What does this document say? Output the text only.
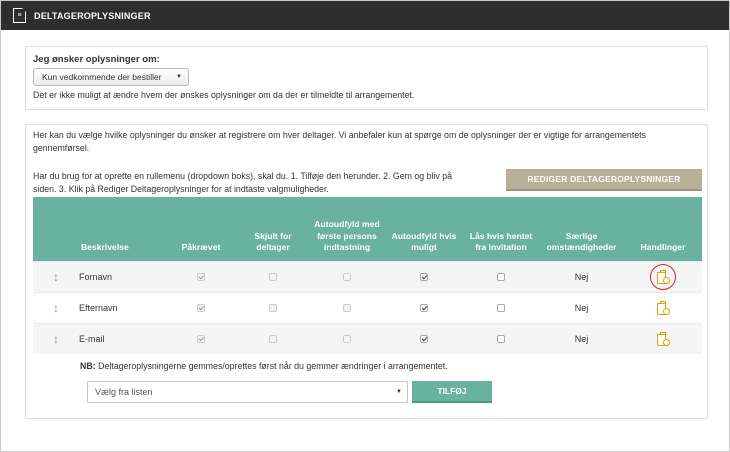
≡	DELTAGEROPLYSNINGER
Jeg ønsker oplysninger om:
Kun vedkommende der bestiller ▼
Det er ikke muligt at ændre hvem der ønskes oplysninger om da der er tilmeldte til arrangementet.
Her kan du vælge hvilke oplysninger du ønsker at registrere om hver deltager. Vi anbefaler kun at spørge om de oplysninger der er vigtige for arrangementets gennemførsel.
Har du brug for at oprette en rullemenu (dropdown boks), skal du. 1. Tilføje den herunder. 2. Gem og bliv på siden. 3. Klik på Rediger Deltageroplysninger for at indtaste valgmuligheder.
REDIGER DELTAGEROPLYSNINGER
	Beskrivelse	Påkrævet	Skjult for deltager	Autoudfyld med første persons indtastning	Autoudfyld hvis muligt	Lås hvis hentet fra invitation	Særlige omstændigheder	Handlinger
↕	Fornavn						Nej	

↕	Efternavn						Nej	

↕	E-mail						Nej	
NB: Deltageroplysningerne gemmes/oprettes først når du gemmer ændringer i arrangementet.
Vælg fra listen	▼	TILFØJ
